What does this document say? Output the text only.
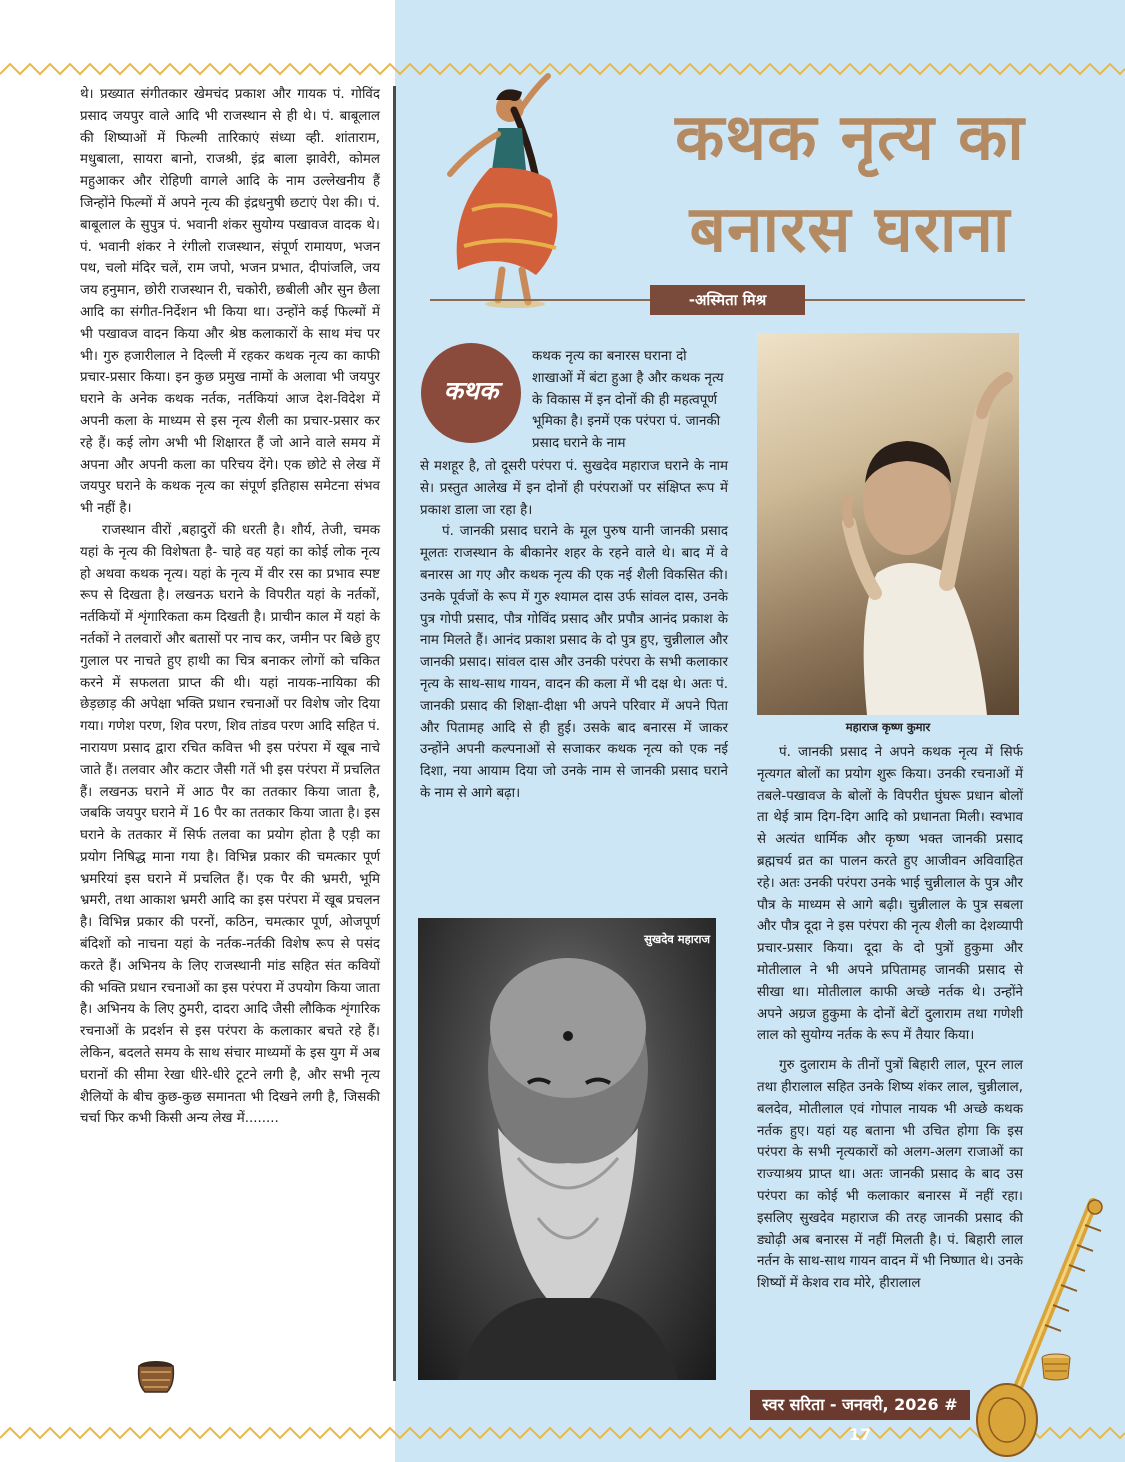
थे। प्रख्यात संगीतकार खेमचंद प्रकाश और गायक पं. गोविंद प्रसाद जयपुर वाले आदि भी राजस्थान से ही थे। पं. बाबूलाल की शिष्याओं में फिल्मी तारिकाएं संध्या व्ही. शांताराम, मधुबाला, सायरा बानो, राजश्री, इंद्र बाला झावेरी, कोमल महुआकर और रोहिणी वागले आदि के नाम उल्लेखनीय हैं जिन्होंने फिल्मों में अपने नृत्य की इंद्रधनुषी छटाएं पेश की। पं. बाबूलाल के सुपुत्र पं. भवानी शंकर सुयोग्य पखावज वादक थे। पं. भवानी शंकर ने रंगीलो राजस्थान, संपूर्ण रामायण, भजन पथ, चलो मंदिर चलें, राम जपो, भजन प्रभात, दीपांजलि, जय जय हनुमान, छोरी राजस्थान री, चकोरी, छबीली और सुन छैला आदि का संगीत-निर्देशन भी किया था। उन्होंने कई फिल्मों में भी पखावज वादन किया और श्रेष्ठ कलाकारों के साथ मंच पर भी। गुरु हजारीलाल ने दिल्ली में रहकर कथक नृत्य का काफी प्रचार-प्रसार किया। इन कुछ प्रमुख नामों के अलावा भी जयपुर घराने के अनेक कथक नर्तक, नर्तकियां आज देश-विदेश में अपनी कला के माध्यम से इस नृत्य शैली का प्रचार-प्रसार कर रहे हैं। कई लोग अभी भी शिक्षारत हैं जो आने वाले समय में अपना और अपनी कला का परिचय देंगे। एक छोटे से लेख में जयपुर घराने के कथक नृत्य का संपूर्ण इतिहास समेटना संभव भी नहीं है।

राजस्थान वीरों ,बहादुरों की धरती है। शौर्य, तेजी, चमक यहां के नृत्य की विशेषता है- चाहे वह यहां का कोई लोक नृत्य हो अथवा कथक नृत्य। यहां के नृत्य में वीर रस का प्रभाव स्पष्ट रूप से दिखता है। लखनऊ घराने के विपरीत यहां के नर्तकों, नर्तकियों में शृंगारिकता कम दिखती है। प्राचीन काल में यहां के नर्तकों ने तलवारों और बतासों पर नाच कर, जमीन पर बिछे हुए गुलाल पर नाचते हुए हाथी का चित्र बनाकर लोगों को चकित करने में सफलता प्राप्त की थी। यहां नायक-नायिका की छेड़छाड़ की अपेक्षा भक्ति प्रधान रचनाओं पर विशेष जोर दिया गया। गणेश परण, शिव परण, शिव तांडव परण आदि सहित पं. नारायण प्रसाद द्वारा रचित कवित्त भी इस परंपरा में खूब नाचे जाते हैं। तलवार और कटार जैसी गतें भी इस परंपरा में प्रचलित हैं। लखनऊ घराने में आठ पैर का ततकार किया जाता है, जबकि जयपुर घराने में 16 पैर का ततकार किया जाता है। इस घराने के ततकार में सिर्फ तलवा का प्रयोग होता है एड़ी का प्रयोग निषिद्ध माना गया है। विभिन्न प्रकार की चमत्कार पूर्ण भ्रमरियां इस घराने में प्रचलित हैं। एक पैर की भ्रमरी, भूमि भ्रमरी, तथा आकाश भ्रमरी आदि का इस परंपरा में खूब प्रचलन है। विभिन्न प्रकार की परनों, कठिन, चमत्कार पूर्ण, ओजपूर्ण बंदिशों को नाचना यहां के नर्तक-नर्तकी विशेष रूप से पसंद करते हैं। अभिनय के लिए राजस्थानी मांड सहित संत कवियों की भक्ति प्रधान रचनाओं का इस परंपरा में उपयोग किया जाता है। अभिनय के लिए ठुमरी, दादरा आदि जैसी लौकिक शृंगारिक रचनाओं के प्रदर्शन से इस परंपरा के कलाकार बचते रहे हैं। लेकिन, बदलते समय के साथ संचार माध्यमों के इस युग में अब घरानों की सीमा रेखा धीरे-धीरे टूटने लगी है, और सभी नृत्य शैलियों के बीच कुछ-कुछ समानता भी दिखने लगी है, जिसकी चर्चा फिर कभी किसी अन्य लेख में........

कथक नृत्य का
बनारस घराना
-अस्मिता मिश्र
कथक
कथक नृत्य का बनारस घराना दो शाखाओं में बंटा हुआ है और कथक नृत्य के विकास में इन दोनों की ही महत्वपूर्ण भूमिका है। इनमें एक परंपरा पं. जानकी प्रसाद घराने के नाम

से मशहूर है, तो दूसरी परंपरा पं. सुखदेव महाराज घराने के नाम से। प्रस्तुत आलेख में इन दोनों ही परंपराओं पर संक्षिप्त रूप में प्रकाश डाला जा रहा है।

पं. जानकी प्रसाद घराने के मूल पुरुष यानी जानकी प्रसाद मूलतः राजस्थान के बीकानेर शहर के रहने वाले थे। बाद में वे बनारस आ गए और कथक नृत्य की एक नई शैली विकसित की। उनके पूर्वजों के रूप में गुरु श्यामल दास उर्फ सांवल दास, उनके पुत्र गोपी प्रसाद, पौत्र गोविंद प्रसाद और प्रपौत्र आनंद प्रकाश के नाम मिलते हैं। आनंद प्रकाश प्रसाद के दो पुत्र हुए, चुन्नीलाल और जानकी प्रसाद। सांवल दास और उनकी परंपरा के सभी कलाकार नृत्य के साथ-साथ गायन, वादन की कला में भी दक्ष थे। अतः पं. जानकी प्रसाद की शिक्षा-दीक्षा भी अपने परिवार में अपने पिता और पितामह आदि से ही हुई। उसके बाद बनारस में जाकर उन्होंने अपनी कल्पनाओं से सजाकर कथक नृत्य को एक नई दिशा, नया आयाम दिया जो उनके नाम से जानकी प्रसाद घराने के नाम से आगे बढ़ा।

महाराज कृष्ण कुमार
सुखदेव महाराज

पं. जानकी प्रसाद ने अपने कथक नृत्य में सिर्फ नृत्यगत बोलों का प्रयोग शुरू किया। उनकी रचनाओं में तबले-पखावज के बोलों के विपरीत घुंघरू प्रधान बोलों ता थेई त्राम दिग-दिग आदि को प्रधानता मिली। स्वभाव से अत्यंत धार्मिक और कृष्ण भक्त जानकी प्रसाद ब्रह्मचर्य व्रत का पालन करते हुए आजीवन अविवाहित रहे। अतः उनकी परंपरा उनके भाई चुन्नीलाल के पुत्र और पौत्र के माध्यम से आगे बढ़ी। चुन्नीलाल के पुत्र सबला और पौत्र दूदा ने इस परंपरा की नृत्य शैली का देशव्यापी प्रचार-प्रसार किया। दूदा के दो पुत्रों हुकुमा और मोतीलाल ने भी अपने प्रपितामह जानकी प्रसाद से सीखा था। मोतीलाल काफी अच्छे नर्तक थे। उन्होंने अपने अग्रज हुकुमा के दोनों बेटों दुलाराम तथा गणेशी लाल को सुयोग्य नर्तक के रूप में तैयार किया।

गुरु दुलाराम के तीनों पुत्रों बिहारी लाल, पूरन लाल तथा हीरालाल सहित उनके शिष्य शंकर लाल, चुन्नीलाल, बलदेव, मोतीलाल एवं गोपाल नायक भी अच्छे कथक नर्तक हुए। यहां यह बताना भी उचित होगा कि इस परंपरा के सभी नृत्यकारों को अलग-अलग राजाओं का राज्याश्रय प्राप्त था। अतः जानकी प्रसाद के बाद उस परंपरा का कोई भी कलाकार बनारस में नहीं रहा। इसलिए सुखदेव महाराज की तरह जानकी प्रसाद की ड्योढ़ी अब बनारस में नहीं मिलती है। पं. बिहारी लाल नर्तन के साथ-साथ गायन वादन में भी निष्णात थे। उनके शिष्यों में केशव राव मोरे, हीरालाल

स्वर सरिता - जनवरी, 2026 # 17
